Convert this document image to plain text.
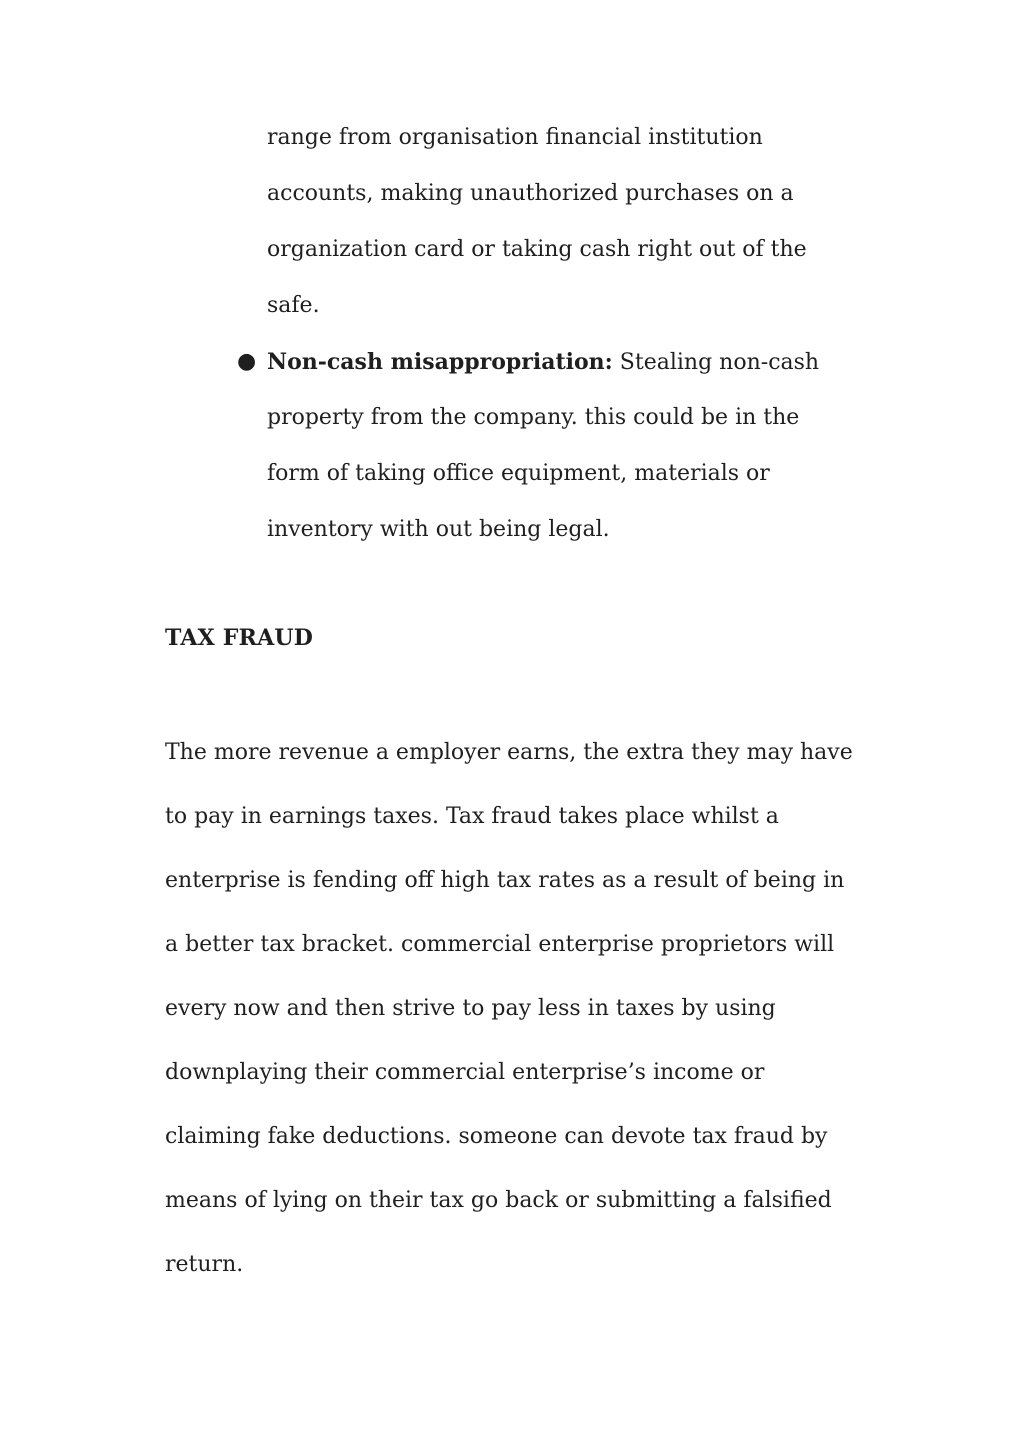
range from organisation financial institution

accounts, making unauthorized purchases on a

organization card or taking cash right out of the

safe.

● Non-cash misappropriation: Stealing non-cash

property from the company. this could be in the

form of taking office equipment, materials or

inventory with out being legal.

TAX FRAUD

The more revenue a employer earns, the extra they may have

to pay in earnings taxes. Tax fraud takes place whilst a

enterprise is fending off high tax rates as a result of being in

a better tax bracket. commercial enterprise proprietors will

every now and then strive to pay less in taxes by using

downplaying their commercial enterprise’s income or

claiming fake deductions. someone can devote tax fraud by

means of lying on their tax go back or submitting a falsified

return.
